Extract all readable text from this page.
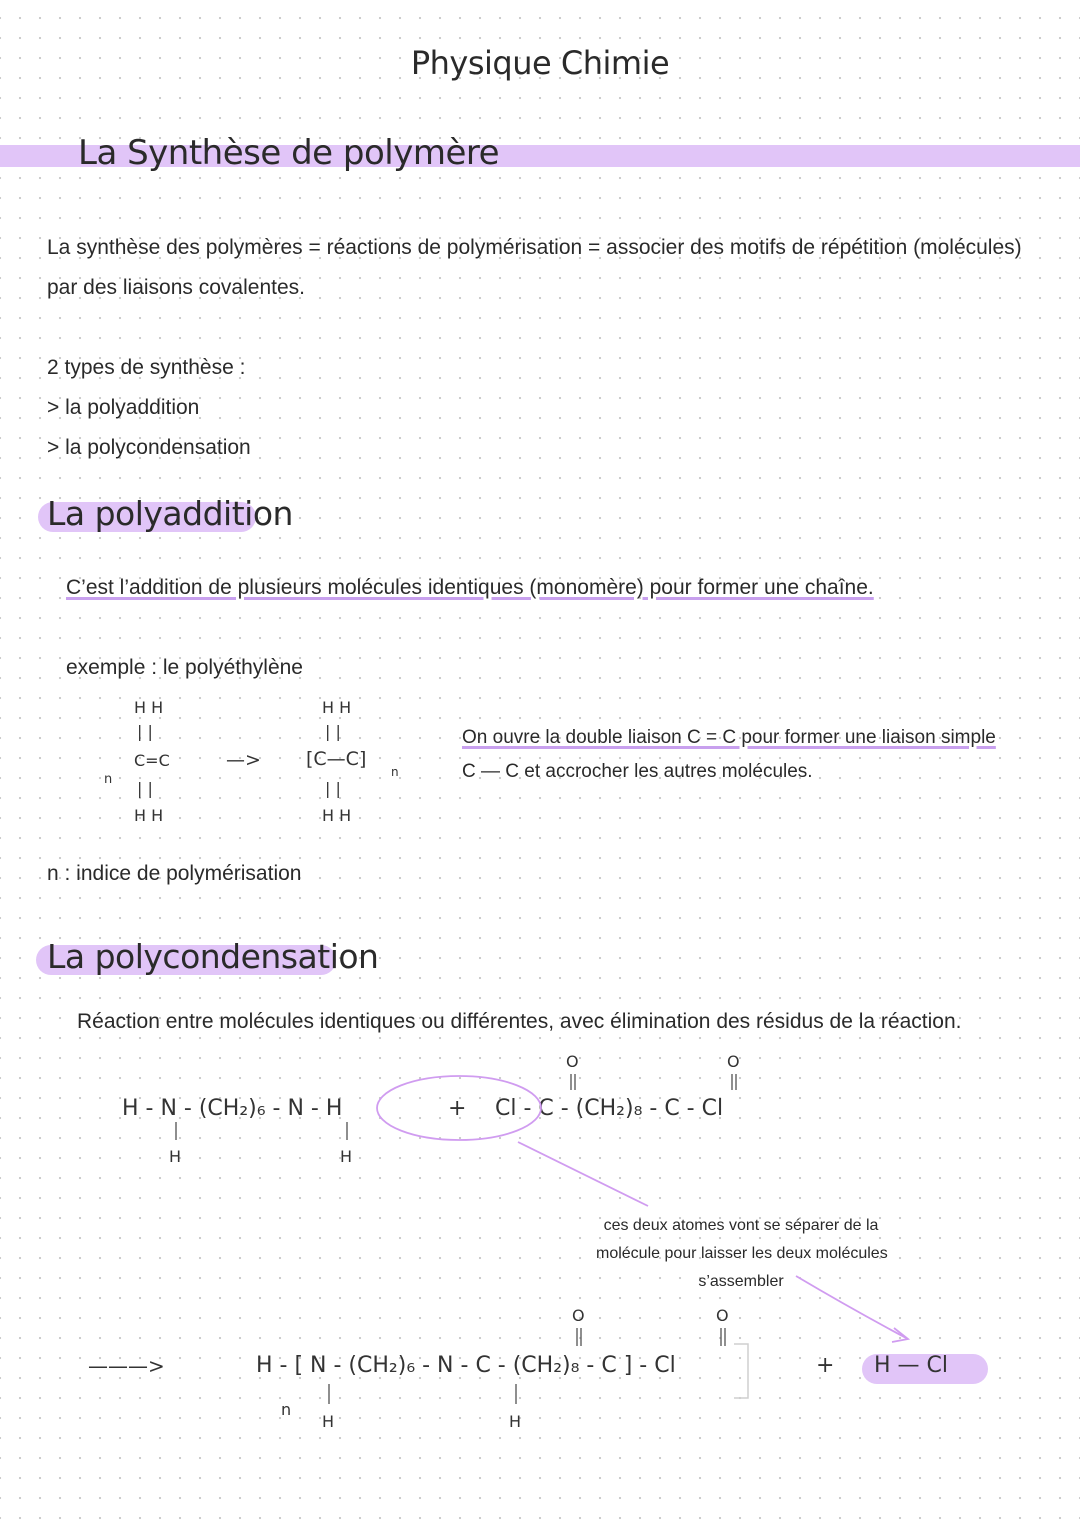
Physique Chimie
La Synthèse de polymère
La synthèse des polymères = réactions de polymérisation = associer des motifs de répétition (molécules)
par des liaisons covalentes.
2 types de synthèse :
> la polyaddition
> la polycondensation
La polyaddition
C’est l’addition de plusieurs molécules identiques (monomère) pour former une chaîne.
exemple : le polyéthylène
H H
| |
C=C
n | |
H H
—>
H H
| |
[C—C]
n
| |
H H
On ouvre la double liaison C = C pour former une liaison simple
C — C et accrocher les autres molécules.
n : indice de polymérisation
La polycondensation
Réaction entre molécules identiques ou différentes, avec élimination des résidus de la réaction.
H - N - (CH₂)₆ - N - H
H	H
+ Cl - C - (CH₂)₈ - C - Cl
O	O
ces deux atomes vont se séparer de la
molécule pour laisser les deux molécules
s’assembler
———>	H - [ N - (CH₂)₆ - N - C - (CH₂)₈ - C ] - Cl
n
H	H
O	O
+ H — Cl
